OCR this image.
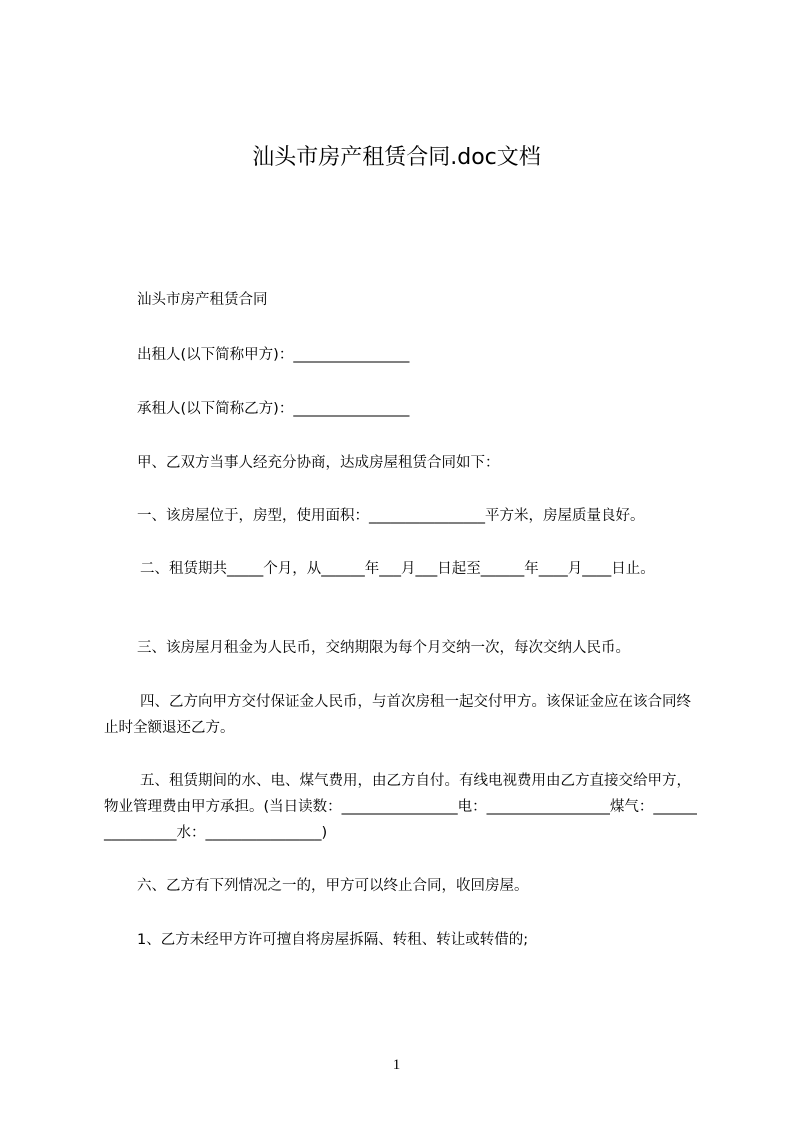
汕头市房产租赁合同.doc文档
汕头市房产租赁合同
出租人(以下简称甲方)：________________
承租人(以下简称乙方)：________________
甲、乙双方当事人经充分协商，达成房屋租赁合同如下：
一、该房屋位于，房型，使用面积：________________平方米，房屋质量良好。
二、租赁期共_____个月，从______年___月___日起至______年____月____日止。
三、该房屋月租金为人民币，交纳期限为每个月交纳一次，每次交纳人民币。
四、乙方向甲方交付保证金人民币，与首次房租一起交付甲方。该保证金应在该合同终止时全额退还乙方。
五、租赁期间的水、电、煤气费用，由乙方自付。有线电视费用由乙方直接交给甲方，物业管理费由甲方承担。(当日读数：________________电：_________________煤气：________________水：________________)
六、乙方有下列情况之一的，甲方可以终止合同，收回房屋。
1、乙方未经甲方许可擅自将房屋拆隔、转租、转让或转借的;
1
